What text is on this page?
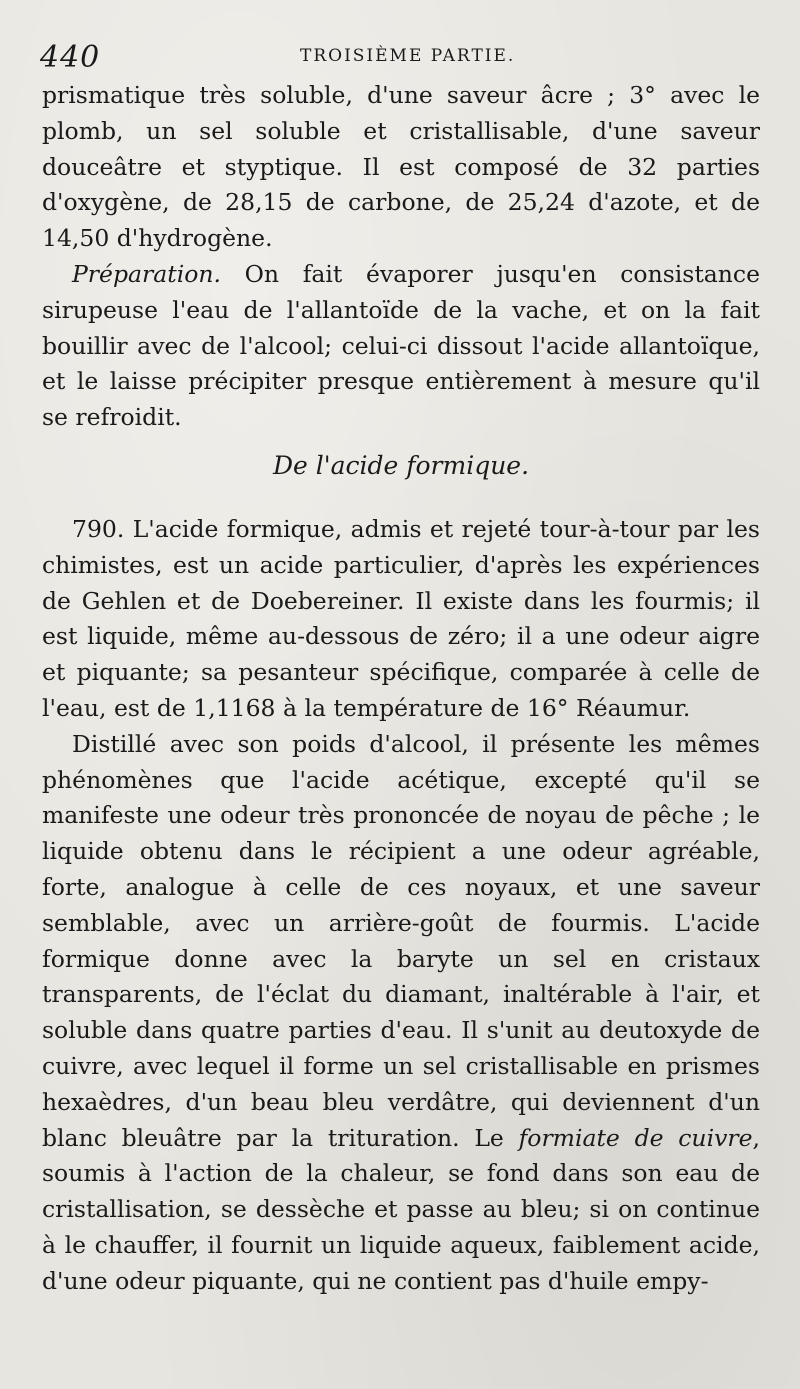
440	TROISIÈME PARTIE.

prismatique très soluble, d'une saveur âcre ; 3° avec le plomb, un sel soluble et cristallisable, d'une saveur douceâtre et styptique. Il est composé de 32 parties d'oxygène, de 28,15 de carbone, de 25,24 d'azote, et de 14,50 d'hydrogène.

Préparation. On fait évaporer jusqu'en consistance sirupeuse l'eau de l'allantoïde de la vache, et on la fait bouillir avec de l'alcool; celui-ci dissout l'acide allantoïque, et le laisse précipiter presque entièrement à mesure qu'il se refroidit.

De l'acide formique.

790. L'acide formique, admis et rejeté tour-à-tour par les chimistes, est un acide particulier, d'après les expériences de Gehlen et de Doebereiner. Il existe dans les fourmis; il est liquide, même au-dessous de zéro; il a une odeur aigre et piquante; sa pesanteur spécifique, comparée à celle de l'eau, est de 1,1168 à la température de 16° Réaumur.

Distillé avec son poids d'alcool, il présente les mêmes phénomènes que l'acide acétique, excepté qu'il se manifeste une odeur très prononcée de noyau de pêche ; le liquide obtenu dans le récipient a une odeur agréable, forte, analogue à celle de ces noyaux, et une saveur semblable, avec un arrière-goût de fourmis. L'acide formique donne avec la baryte un sel en cristaux transparents, de l'éclat du diamant, inaltérable à l'air, et soluble dans quatre parties d'eau. Il s'unit au deutoxyde de cuivre, avec lequel il forme un sel cristallisable en prismes hexaèdres, d'un beau bleu verdâtre, qui deviennent d'un blanc bleuâtre par la trituration. Le formiate de cuivre, soumis à l'action de la chaleur, se fond dans son eau de cristallisation, se dessèche et passe au bleu; si on continue à le chauffer, il fournit un liquide aqueux, faiblement acide, d'une odeur piquante, qui ne contient pas d'huile empy-
